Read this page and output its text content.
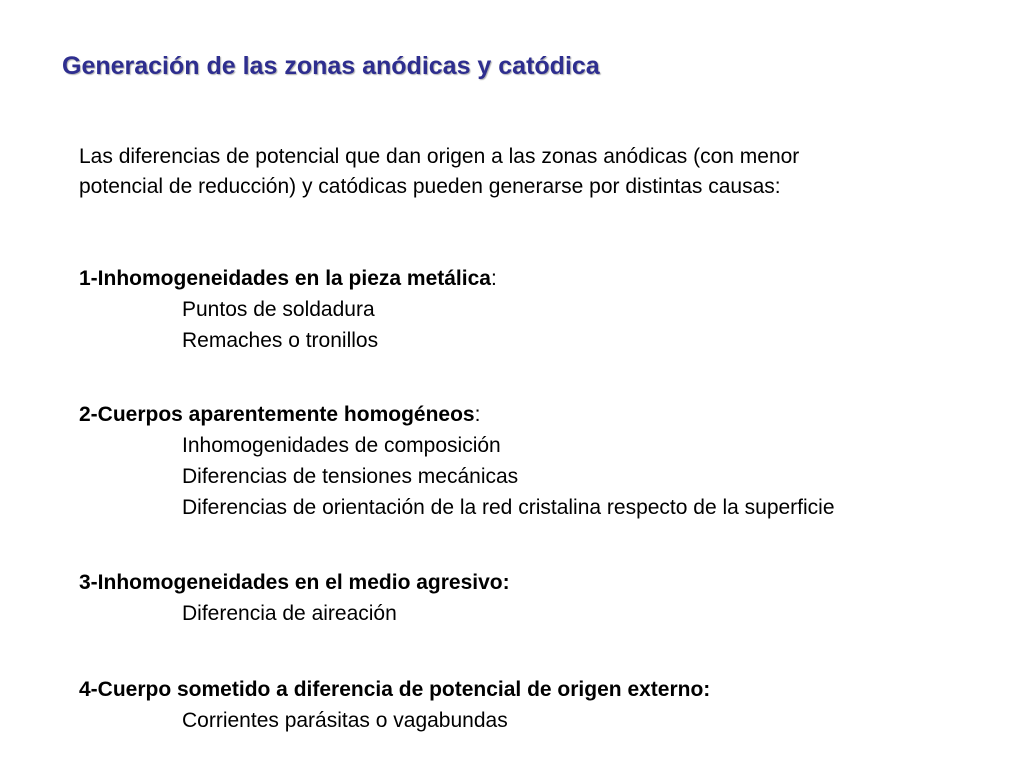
Generación de las zonas anódicas y catódica
Las diferencias de potencial que dan origen a las zonas anódicas (con menor
potencial de reducción) y catódicas pueden generarse por distintas causas:
1-Inhomogeneidades en la pieza metálica:
Puntos de soldadura
Remaches o tronillos
2-Cuerpos aparentemente homogéneos:
Inhomogenidades de composición
Diferencias de tensiones mecánicas
Diferencias de orientación de la red cristalina respecto de la superficie
3-Inhomogeneidades en el medio agresivo:
Diferencia de aireación
4-Cuerpo sometido a diferencia de potencial de origen externo:
Corrientes parásitas o vagabundas
